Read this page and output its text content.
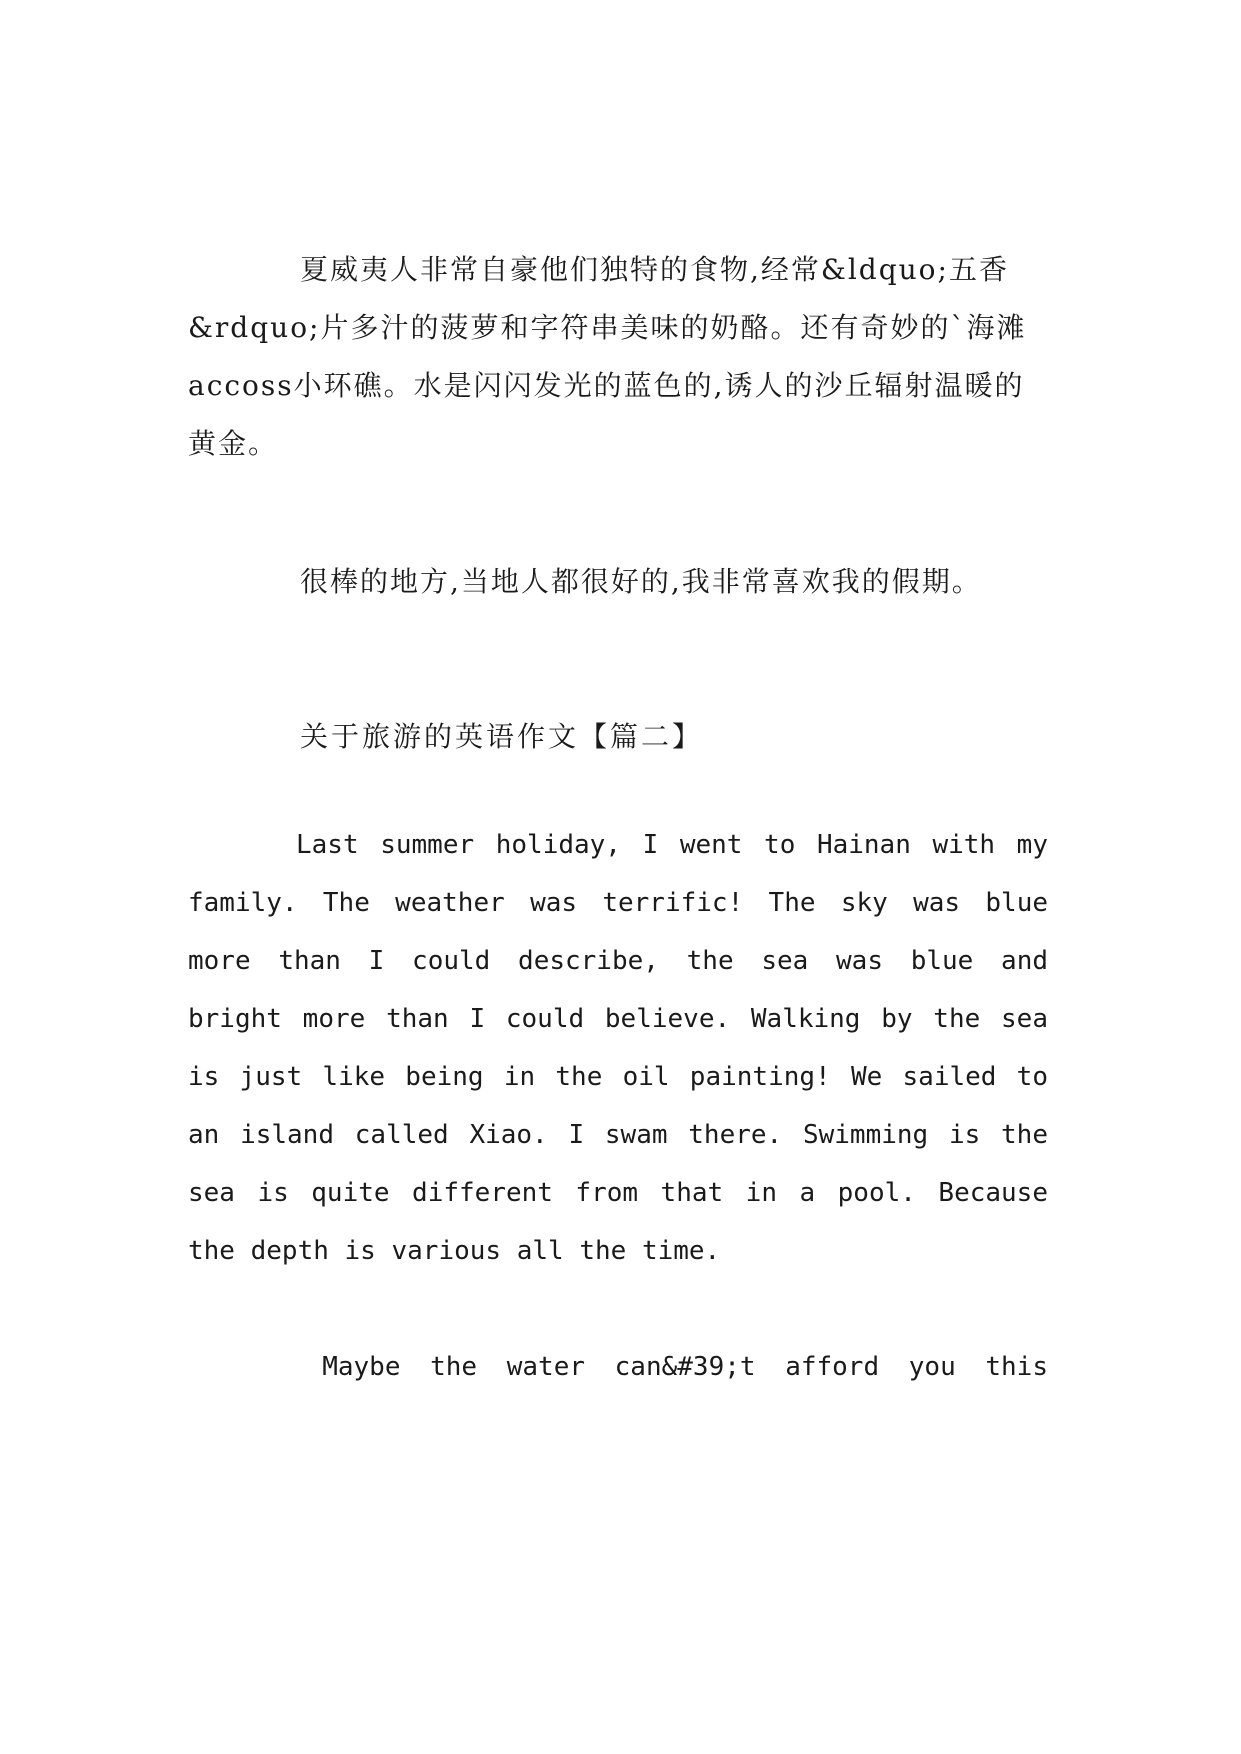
夏威夷人非常自豪他们独特的食物,经常&ldquo;五香&rdquo;片多汁的菠萝和字符串美味的奶酪。还有奇妙的`海滩accoss小环礁。水是闪闪发光的蓝色的,诱人的沙丘辐射温暖的黄金。

很棒的地方,当地人都很好的,我非常喜欢我的假期。

关于旅游的英语作文【篇二】

Last summer holiday, I went to Hainan with my family. The weather was terrific! The sky was blue more than I could describe, the sea was blue and bright more than I could believe. Walking by the sea is just like being in the oil painting! We sailed to an island called Xiao. I swam there. Swimming is the sea is quite different from that in a pool. Because the depth is various all the time.

Maybe the water can&#39;t afford you this
